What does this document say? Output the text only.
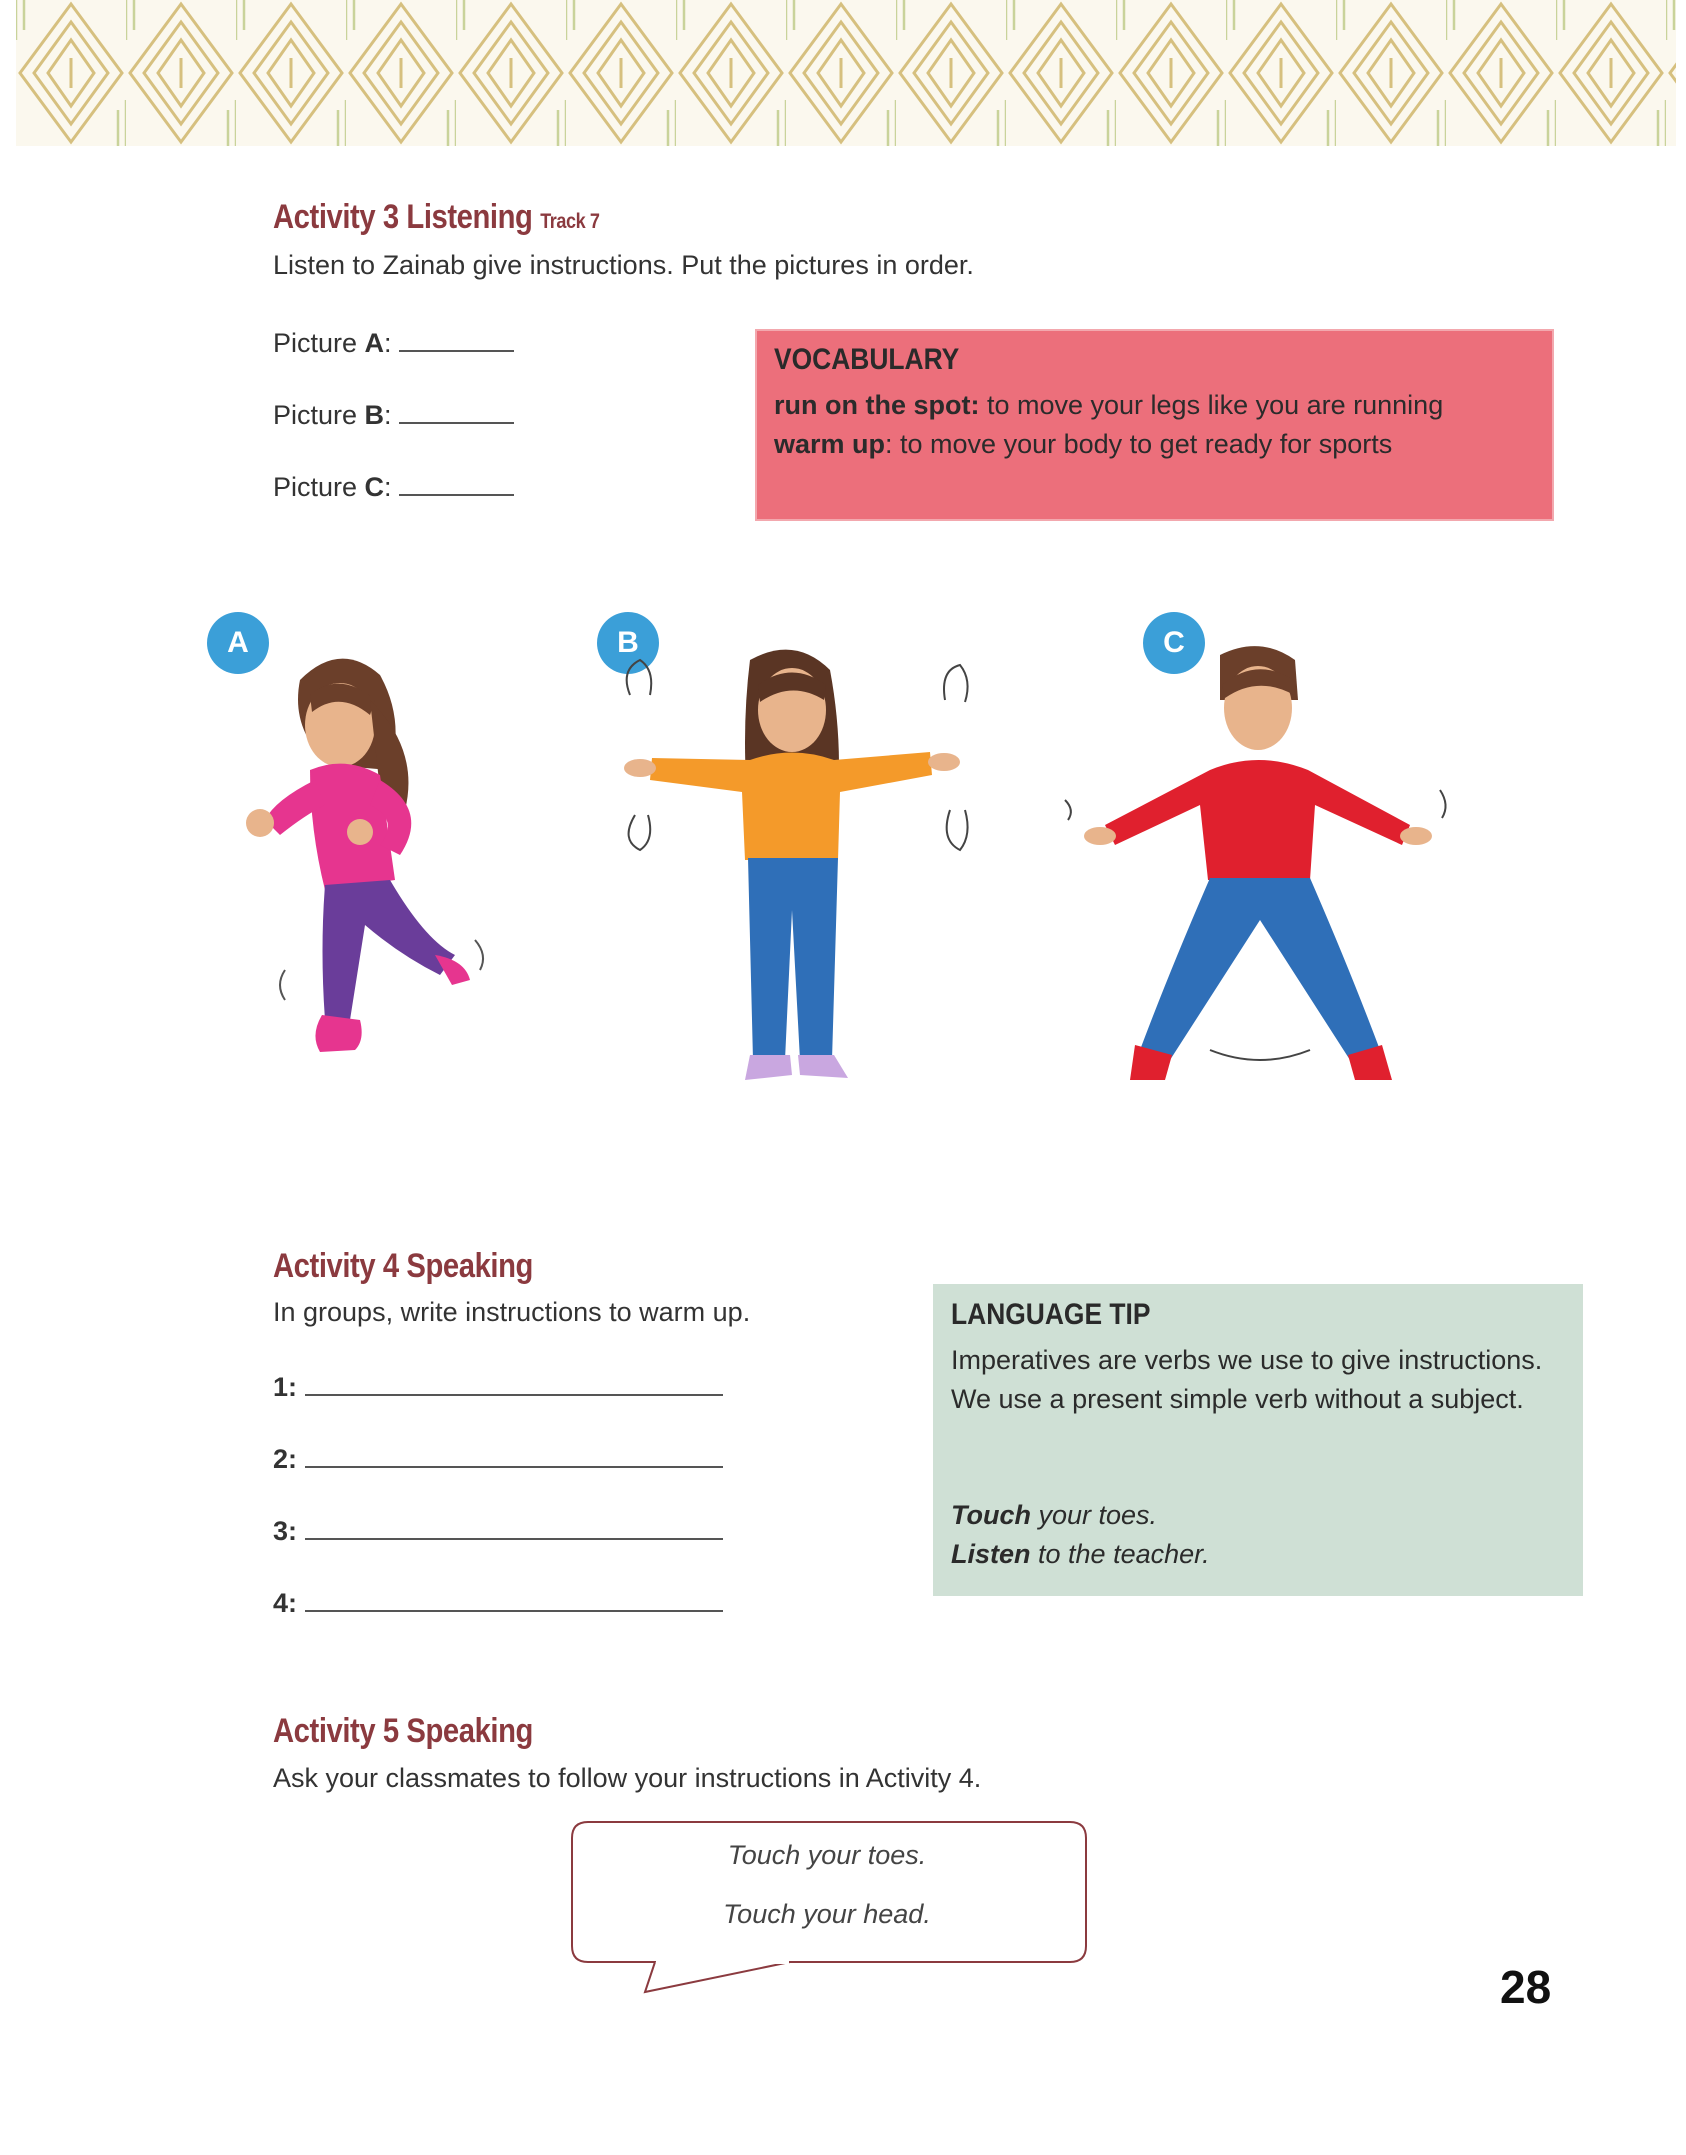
Activity 3 Listening Track 7
Listen to Zainab give instructions. Put the pictures in order.
Picture A:
Picture B:
Picture C:
VOCABULARY
run on the spot: to move your legs like you are running
warm up: to move your body to get ready for sports
A	B	C
Activity 4 Speaking
In groups, write instructions to warm up.
1:
2:
3:
4:
LANGUAGE TIP
Imperatives are verbs we use to give instructions. We use a present simple verb without a subject.
Touch your toes.
Listen to the teacher.
Activity 5 Speaking
Ask your classmates to follow your instructions in Activity 4.
Touch your toes.
Touch your head.
28
